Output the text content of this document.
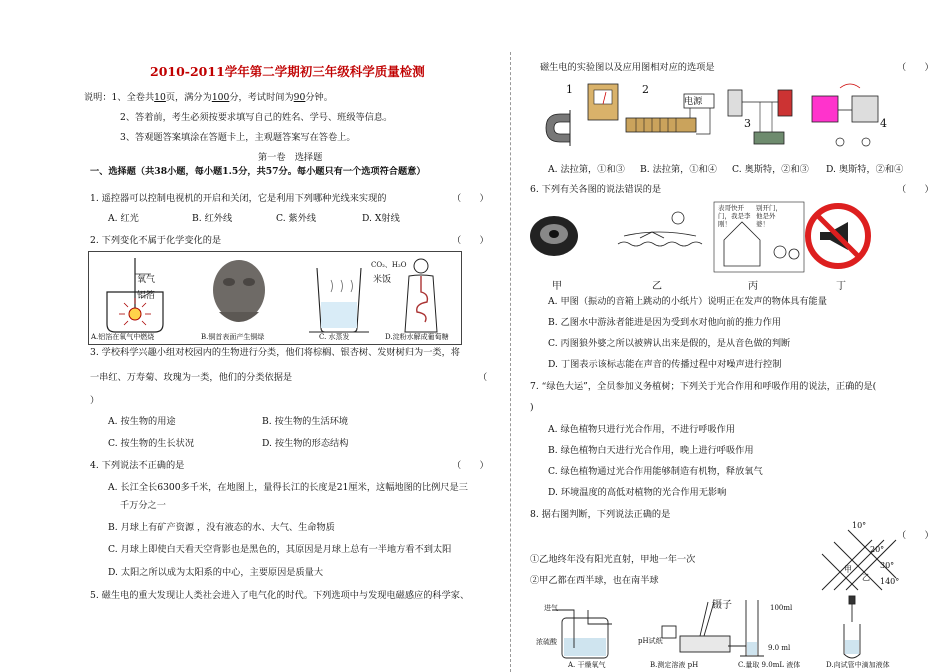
2010-2011学年第二学期初三年级科学质量检测
说明：1、全卷共10页，满分为100分，考试时间为90分钟。
2、答着前，考生必须按要求填写自己的姓名、学号、班级等信息。
3、答观题答案填涂在答题卡上，主观题答案写在答卷上。
第一卷　选择题
一、选择题（共38小题，每小题1.5分，共57分。每小题只有一个选项符合题意）
1. 遥控器可以控制电视机的开启和关闭，它是利用下列哪种光线来实现的	（　　）
A. 红光	B. 红外线	C. 紫外线	D. X射线
2. 下列变化不属于化学变化的是	（　　）
氧气
铝箔
CO₂、H₂O
米饭
A.铝箔在氧气中燃烧	B.铜首表面产生铜绿	C. 水蒸发	D.淀粉水解成葡萄糖
3. 学校科学兴趣小组对校园内的生物进行分类，他们将棕榈、银杏树、发财树归为一类，将
一串红、万寿菊、玫瑰为一类，他们的分类依据是	（
）
A. 按生物的用途	B. 按生物的生活环境
C. 按生物的生长状况	D. 按生物的形态结构
4. 下列说法不正确的是	（　　）
A. 长江全长6300多千米，在地图上，量得长江的长度是21厘米，这幅地图的比例尺是三
千万分之一
B. 月球上有矿产资源 ，没有液态的水、大气、生命物质
C. 月球上即使白天看天空背影也是黑色的，其原因是月球上总有一半地方看不到太阳
D. 太阳之所以成为太阳系的中心，主要原因是质量大
5. 磁生电的重大发现让人类社会进入了电气化的时代。下列选项中与发现电磁感应的科学家、
磁生电的实验图以及应用图相对应的选项是	（　　）
1	2
电源
3	4
A. 法拉第，①和③ B. 法拉第，①和④ C. 奥斯特，②和③ D. 奥斯特，②和④
6. 下列有关各图的说法错误的是	（　　）
表哥快开门，我是李刚！
别开门，他是外婆！
甲	乙	丙	丁
A. 甲图（振动的音箱上跳动的小纸片）说明正在发声的物体具有能量
B. 乙图水中游泳者能进是因为受到水对他向前的推力作用
C. 丙图狼外婆之所以被辨认出来是假的，是从音色做的判断
D. 丁图表示该标志能在声音的传播过程中对噪声进行控制
7. “绿色大运”，全员参加义务植树；下列关于光合作用和呼吸作用的说法，正确的是(
)
A. 绿色植物只进行光合作用，不进行呼吸作用
B. 绿色植物白天进行光合作用，晚上进行呼吸作用
C. 绿色植物通过光合作用能够制造有机物，释放氧气
D. 环境温度的高低对植物的光合作用无影响
8. 据右图判断，下列说法正确的是
（　　）
①乙地终年没有阳光直射，甲地一年一次
②甲乙都在西半球，也在南半球
10°
20°
30°
140°
甲
乙
进气
浓硫酸
镊子
pH试纸
100ml
9.0 ml
A. 干燥氧气	B.测定溶液 pH	C.量取 9.0mL 液体	D.向试管中滴加液体
